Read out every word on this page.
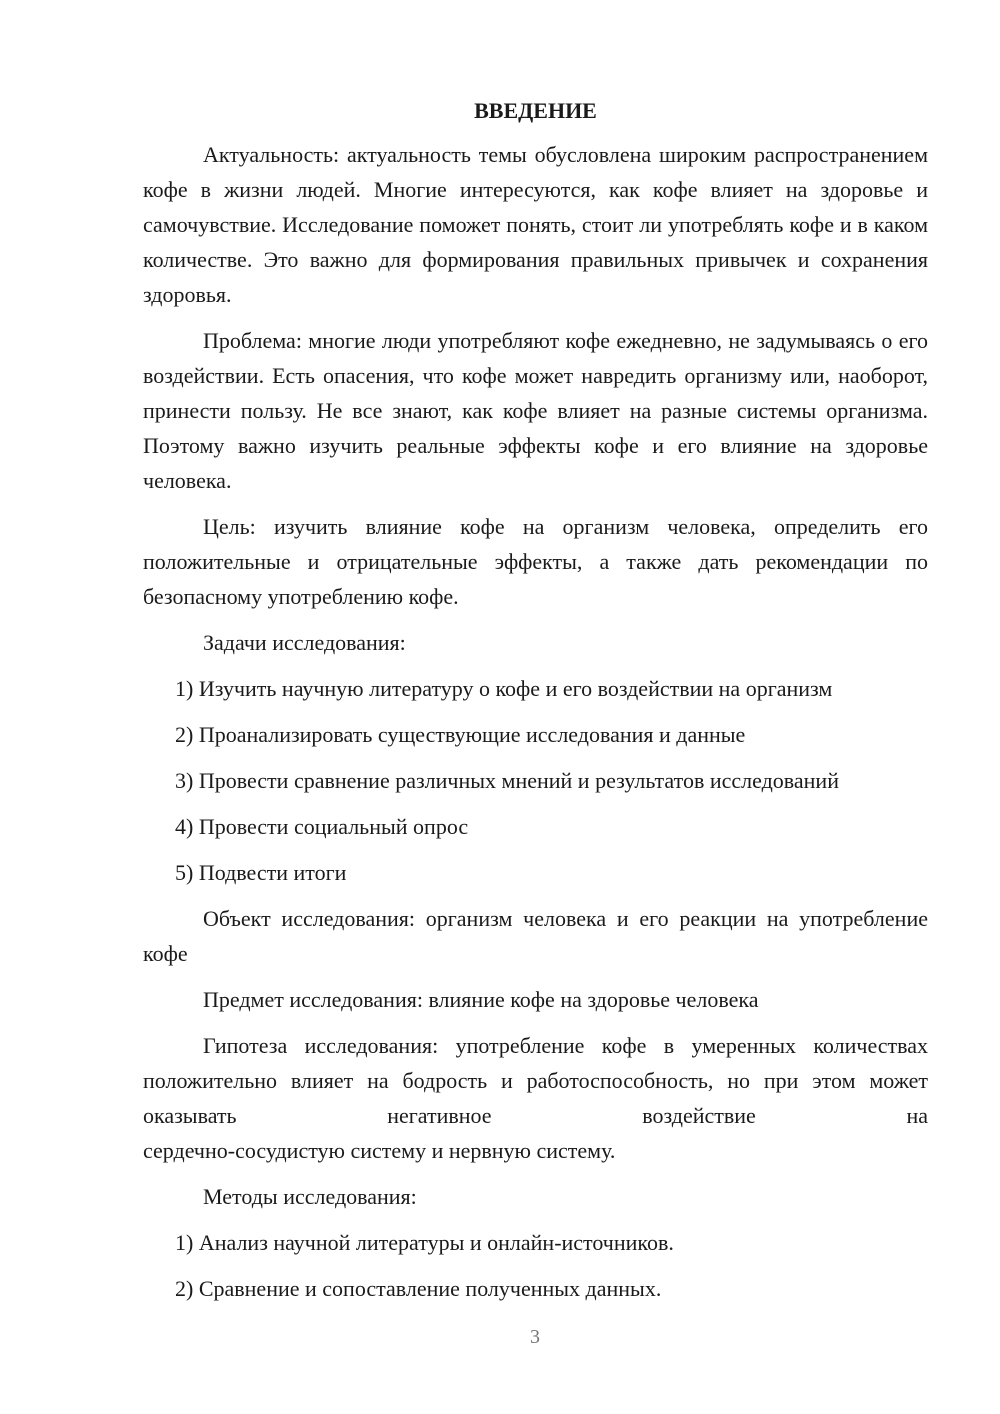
ВВЕДЕНИЕ

Актуальность: актуальность темы обусловлена широким распространением кофе в жизни людей. Многие интересуются, как кофе влияет на здоровье и самочувствие. Исследование поможет понять, стоит ли употреблять кофе и в каком количестве. Это важно для формирования правильных привычек и сохранения здоровья.

Проблема: многие люди употребляют кофе ежедневно, не задумываясь о его воздействии. Есть опасения, что кофе может навредить организму или, наоборот, принести пользу. Не все знают, как кофе влияет на разные системы организма. Поэтому важно изучить реальные эффекты кофе и его влияние на здоровье человека.

Цель: изучить влияние кофе на организм человека, определить его положительные и отрицательные эффекты, а также дать рекомендации по безопасному употреблению кофе.

Задачи исследования:
1) Изучить научную литературу о кофе и его воздействии на организм
2) Проанализировать существующие исследования и данные
3) Провести сравнение различных мнений и результатов исследований
4) Провести социальный опрос
5) Подвести итоги

Объект исследования: организм человека и его реакции на употребление кофе

Предмет исследования: влияние кофе на здоровье человека

Гипотеза исследования: употребление кофе в умеренных количествах положительно влияет на бодрость и работоспособность, но при этом может оказывать негативное воздействие на

сердечно-сосудистую систему и нервную систему.

Методы исследования:
1) Анализ научной литературы и онлайн-источников.
2) Сравнение и сопоставление полученных данных.
3
